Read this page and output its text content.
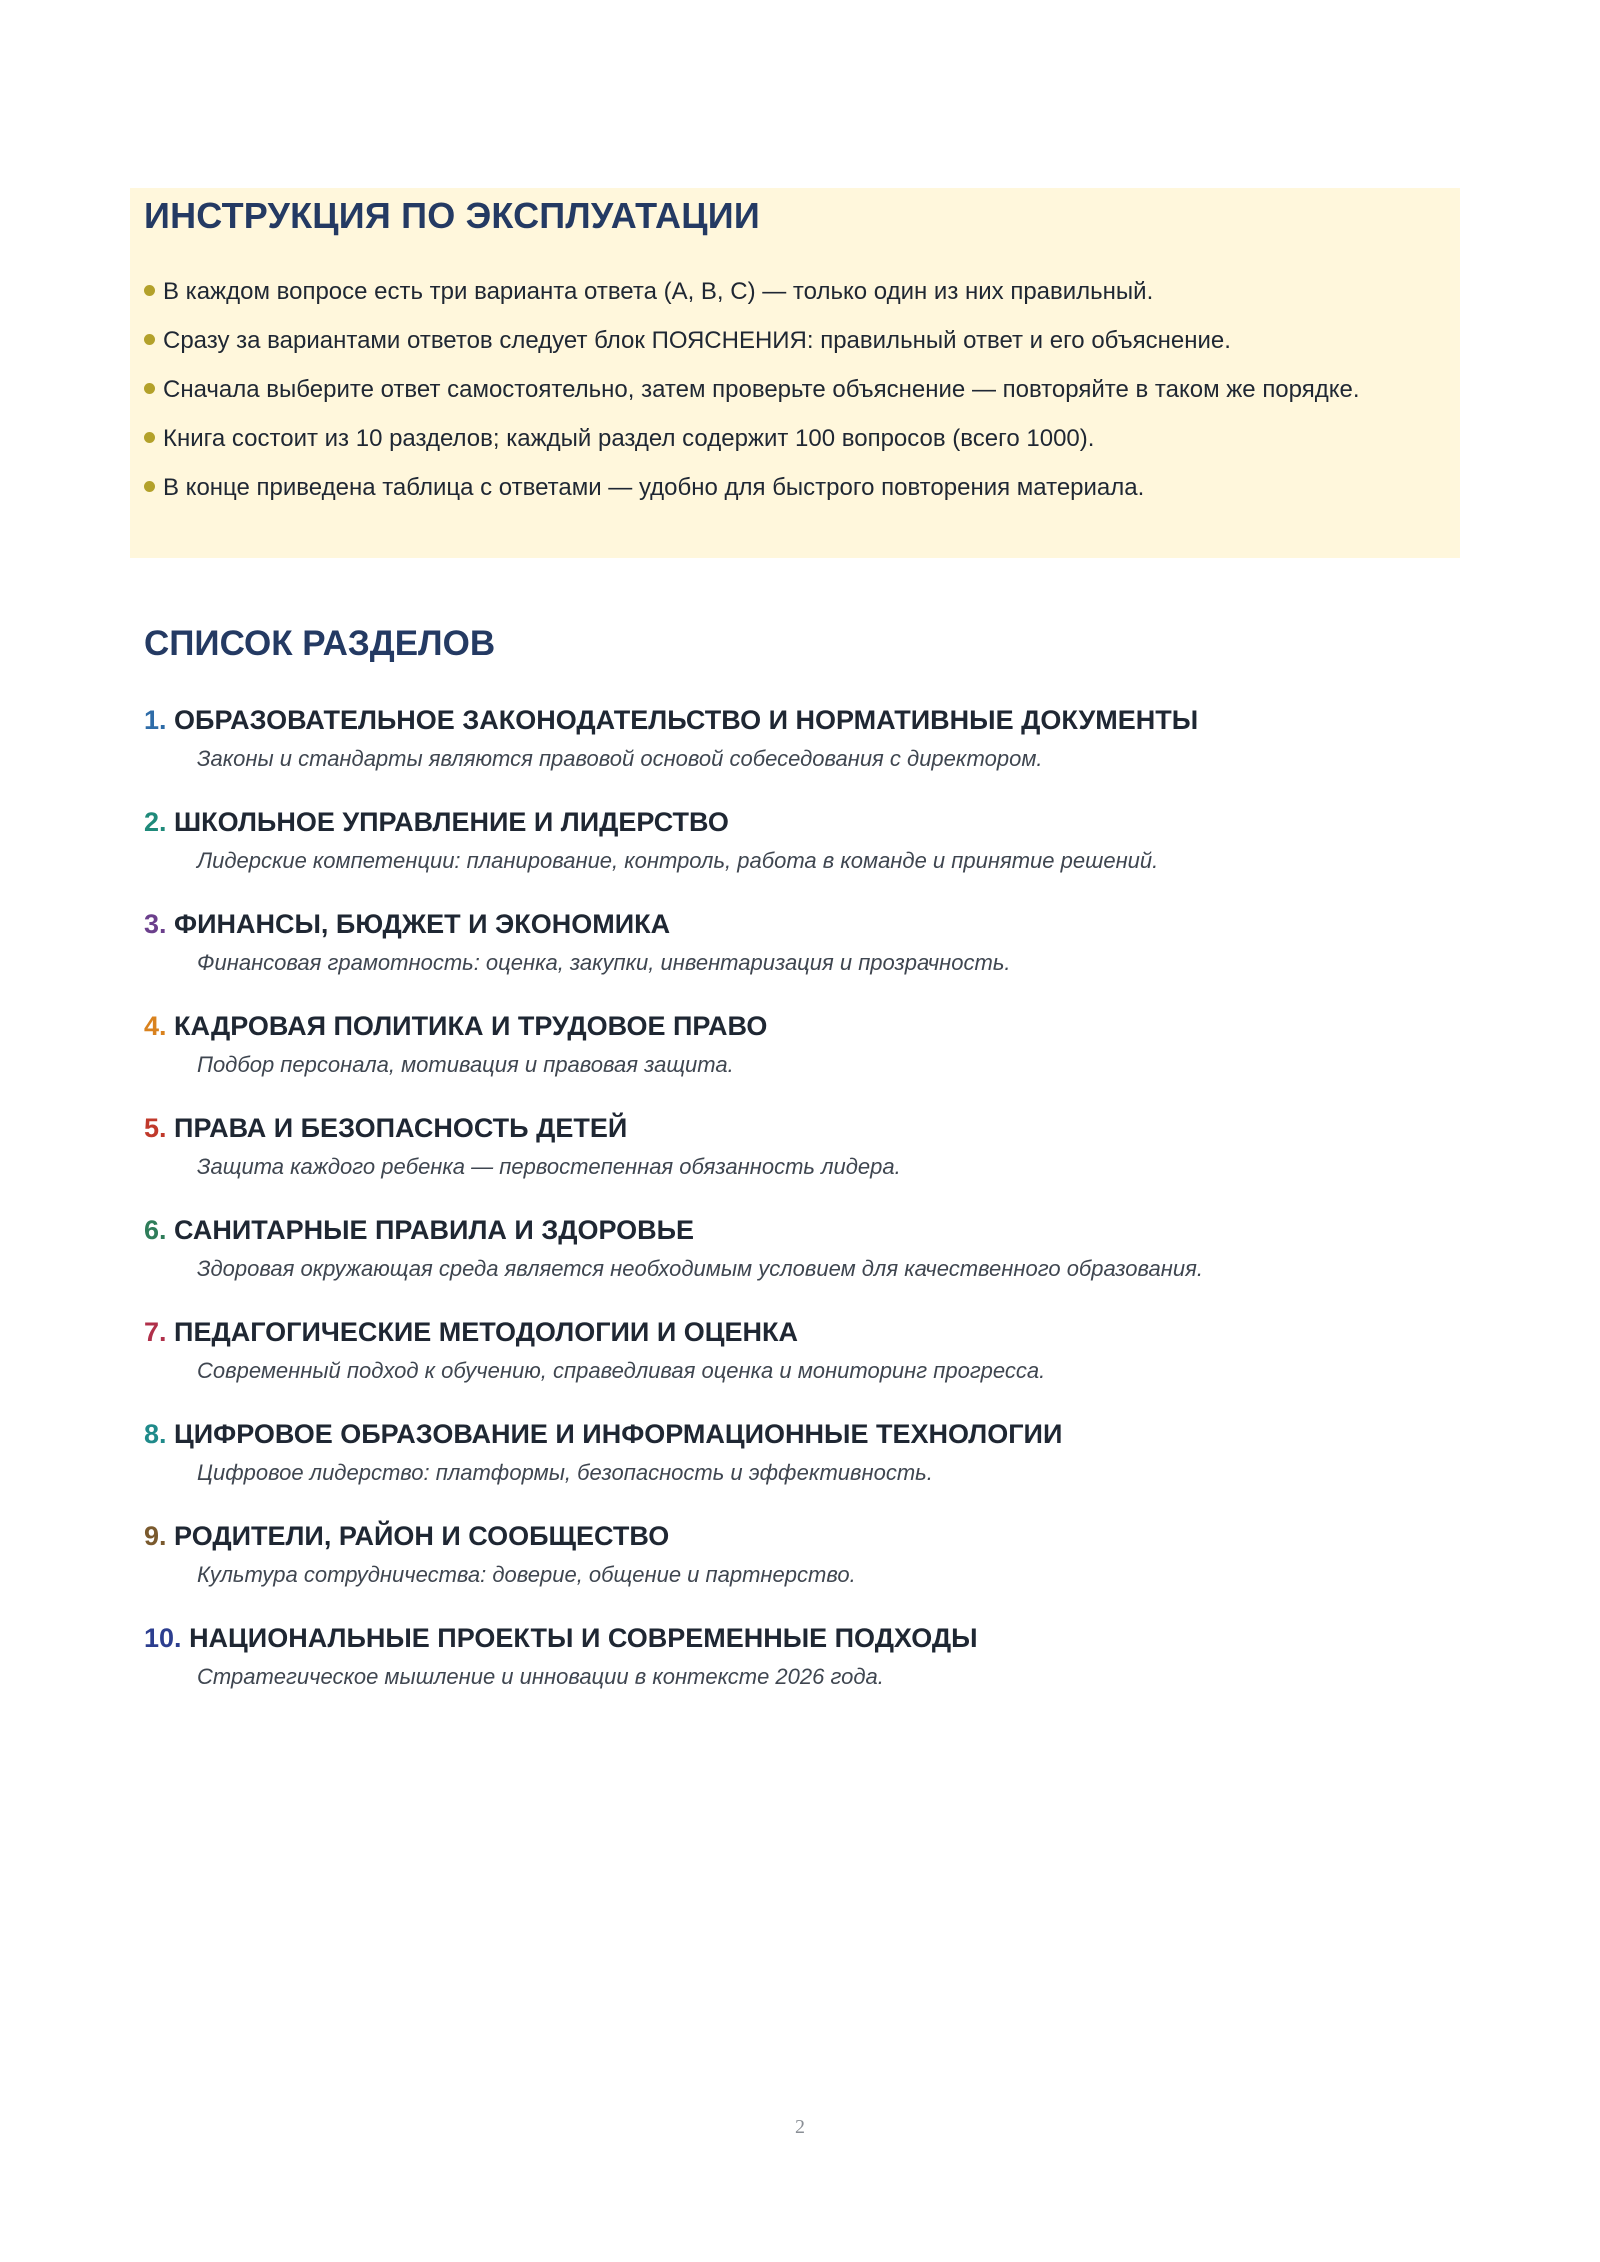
ИНСТРУКЦИЯ ПО ЭКСПЛУАТАЦИИ
В каждом вопросе есть три варианта ответа (A, B, C) — только один из них правильный.
Сразу за вариантами ответов следует блок ПОЯСНЕНИЯ: правильный ответ и его объяснение.
Сначала выберите ответ самостоятельно, затем проверьте объяснение — повторяйте в таком же порядке.
Книга состоит из 10 разделов; каждый раздел содержит 100 вопросов (всего 1000).
В конце приведена таблица с ответами — удобно для быстрого повторения материала.
СПИСОК РАЗДЕЛОВ
1. ОБРАЗОВАТЕЛЬНОЕ ЗАКОНОДАТЕЛЬСТВО И НОРМАТИВНЫЕ ДОКУМЕНТЫ
Законы и стандарты являются правовой основой собеседования с директором.
2. ШКОЛЬНОЕ УПРАВЛЕНИЕ И ЛИДЕРСТВО
Лидерские компетенции: планирование, контроль, работа в команде и принятие решений.
3. ФИНАНСЫ, БЮДЖЕТ И ЭКОНОМИКА
Финансовая грамотность: оценка, закупки, инвентаризация и прозрачность.
4. КАДРОВАЯ ПОЛИТИКА И ТРУДОВОЕ ПРАВО
Подбор персонала, мотивация и правовая защита.
5. ПРАВА И БЕЗОПАСНОСТЬ ДЕТЕЙ
Защита каждого ребенка — первостепенная обязанность лидера.
6. САНИТАРНЫЕ ПРАВИЛА И ЗДОРОВЬЕ
Здоровая окружающая среда является необходимым условием для качественного образования.
7. ПЕДАГОГИЧЕСКИЕ МЕТОДОЛОГИИ И ОЦЕНКА
Современный подход к обучению, справедливая оценка и мониторинг прогресса.
8. ЦИФРОВОЕ ОБРАЗОВАНИЕ И ИНФОРМАЦИОННЫЕ ТЕХНОЛОГИИ
Цифровое лидерство: платформы, безопасность и эффективность.
9. РОДИТЕЛИ, РАЙОН И СООБЩЕСТВО
Культура сотрудничества: доверие, общение и партнерство.
10. НАЦИОНАЛЬНЫЕ ПРОЕКТЫ И СОВРЕМЕННЫЕ ПОДХОДЫ
Стратегическое мышление и инновации в контексте 2026 года.
2
